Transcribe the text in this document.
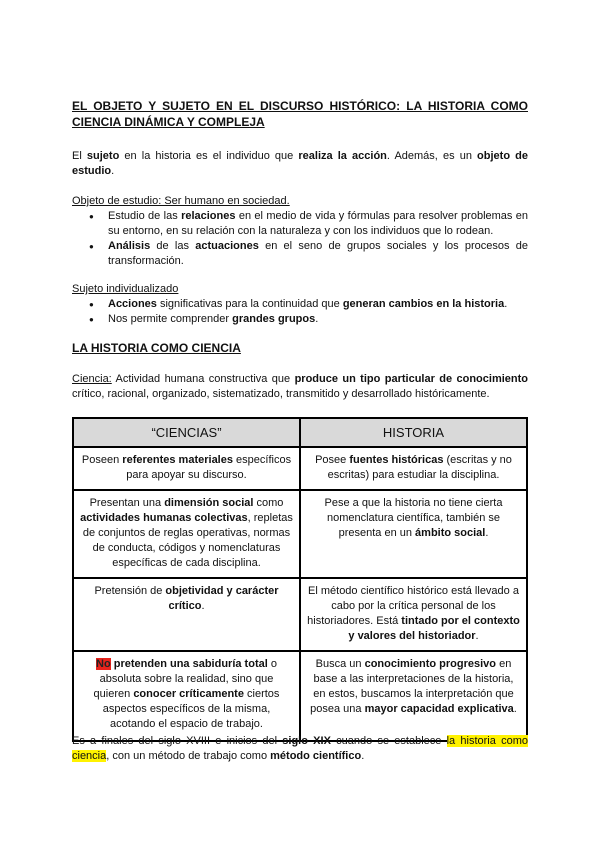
EL OBJETO Y SUJETO EN EL DISCURSO HISTÓRICO: LA HISTORIA COMO CIENCIA DINÁMICA Y COMPLEJA
El sujeto en la historia es el individuo que realiza la acción. Además, es un objeto de estudio.
Objeto de estudio: Ser humano en sociedad.
● Estudio de las relaciones en el medio de vida y fórmulas para resolver problemas en su entorno, en su relación con la naturaleza y con los individuos que lo rodean.
● Análisis de las actuaciones en el seno de grupos sociales y los procesos de transformación.
Sujeto individualizado
● Acciones significativas para la continuidad que generan cambios en la historia.
● Nos permite comprender grandes grupos.
LA HISTORIA COMO CIENCIA
Ciencia: Actividad humana constructiva que produce un tipo particular de conocimiento crítico, racional, organizado, sistematizado, transmitido y desarrollado históricamente.
“CIENCIAS”	HISTORIA
Poseen referentes materiales específicos para apoyar su discurso.	Posee fuentes históricas (escritas y no escritas) para estudiar la disciplina.
Presentan una dimensión social como actividades humanas colectivas, repletas de conjuntos de reglas operativas, normas de conducta, códigos y nomenclaturas específicas de cada disciplina.	Pese a que la historia no tiene cierta nomenclatura científica, también se presenta en un ámbito social.
Pretensión de objetividad y carácter crítico.	El método científico histórico está llevado a cabo por la crítica personal de los historiadores. Está tintado por el contexto y valores del historiador.
No pretenden una sabiduría total o absoluta sobre la realidad, sino que quieren conocer críticamente ciertos aspectos específicos de la misma, acotando el espacio de trabajo.	Busca un conocimiento progresivo en base a las interpretaciones de la historia, en estos, buscamos la interpretación que posea una mayor capacidad explicativa.
Es a finales del siglo XVIII e inicios del siglo XIX cuando se establece la historia como ciencia, con un método de trabajo como método científico.
